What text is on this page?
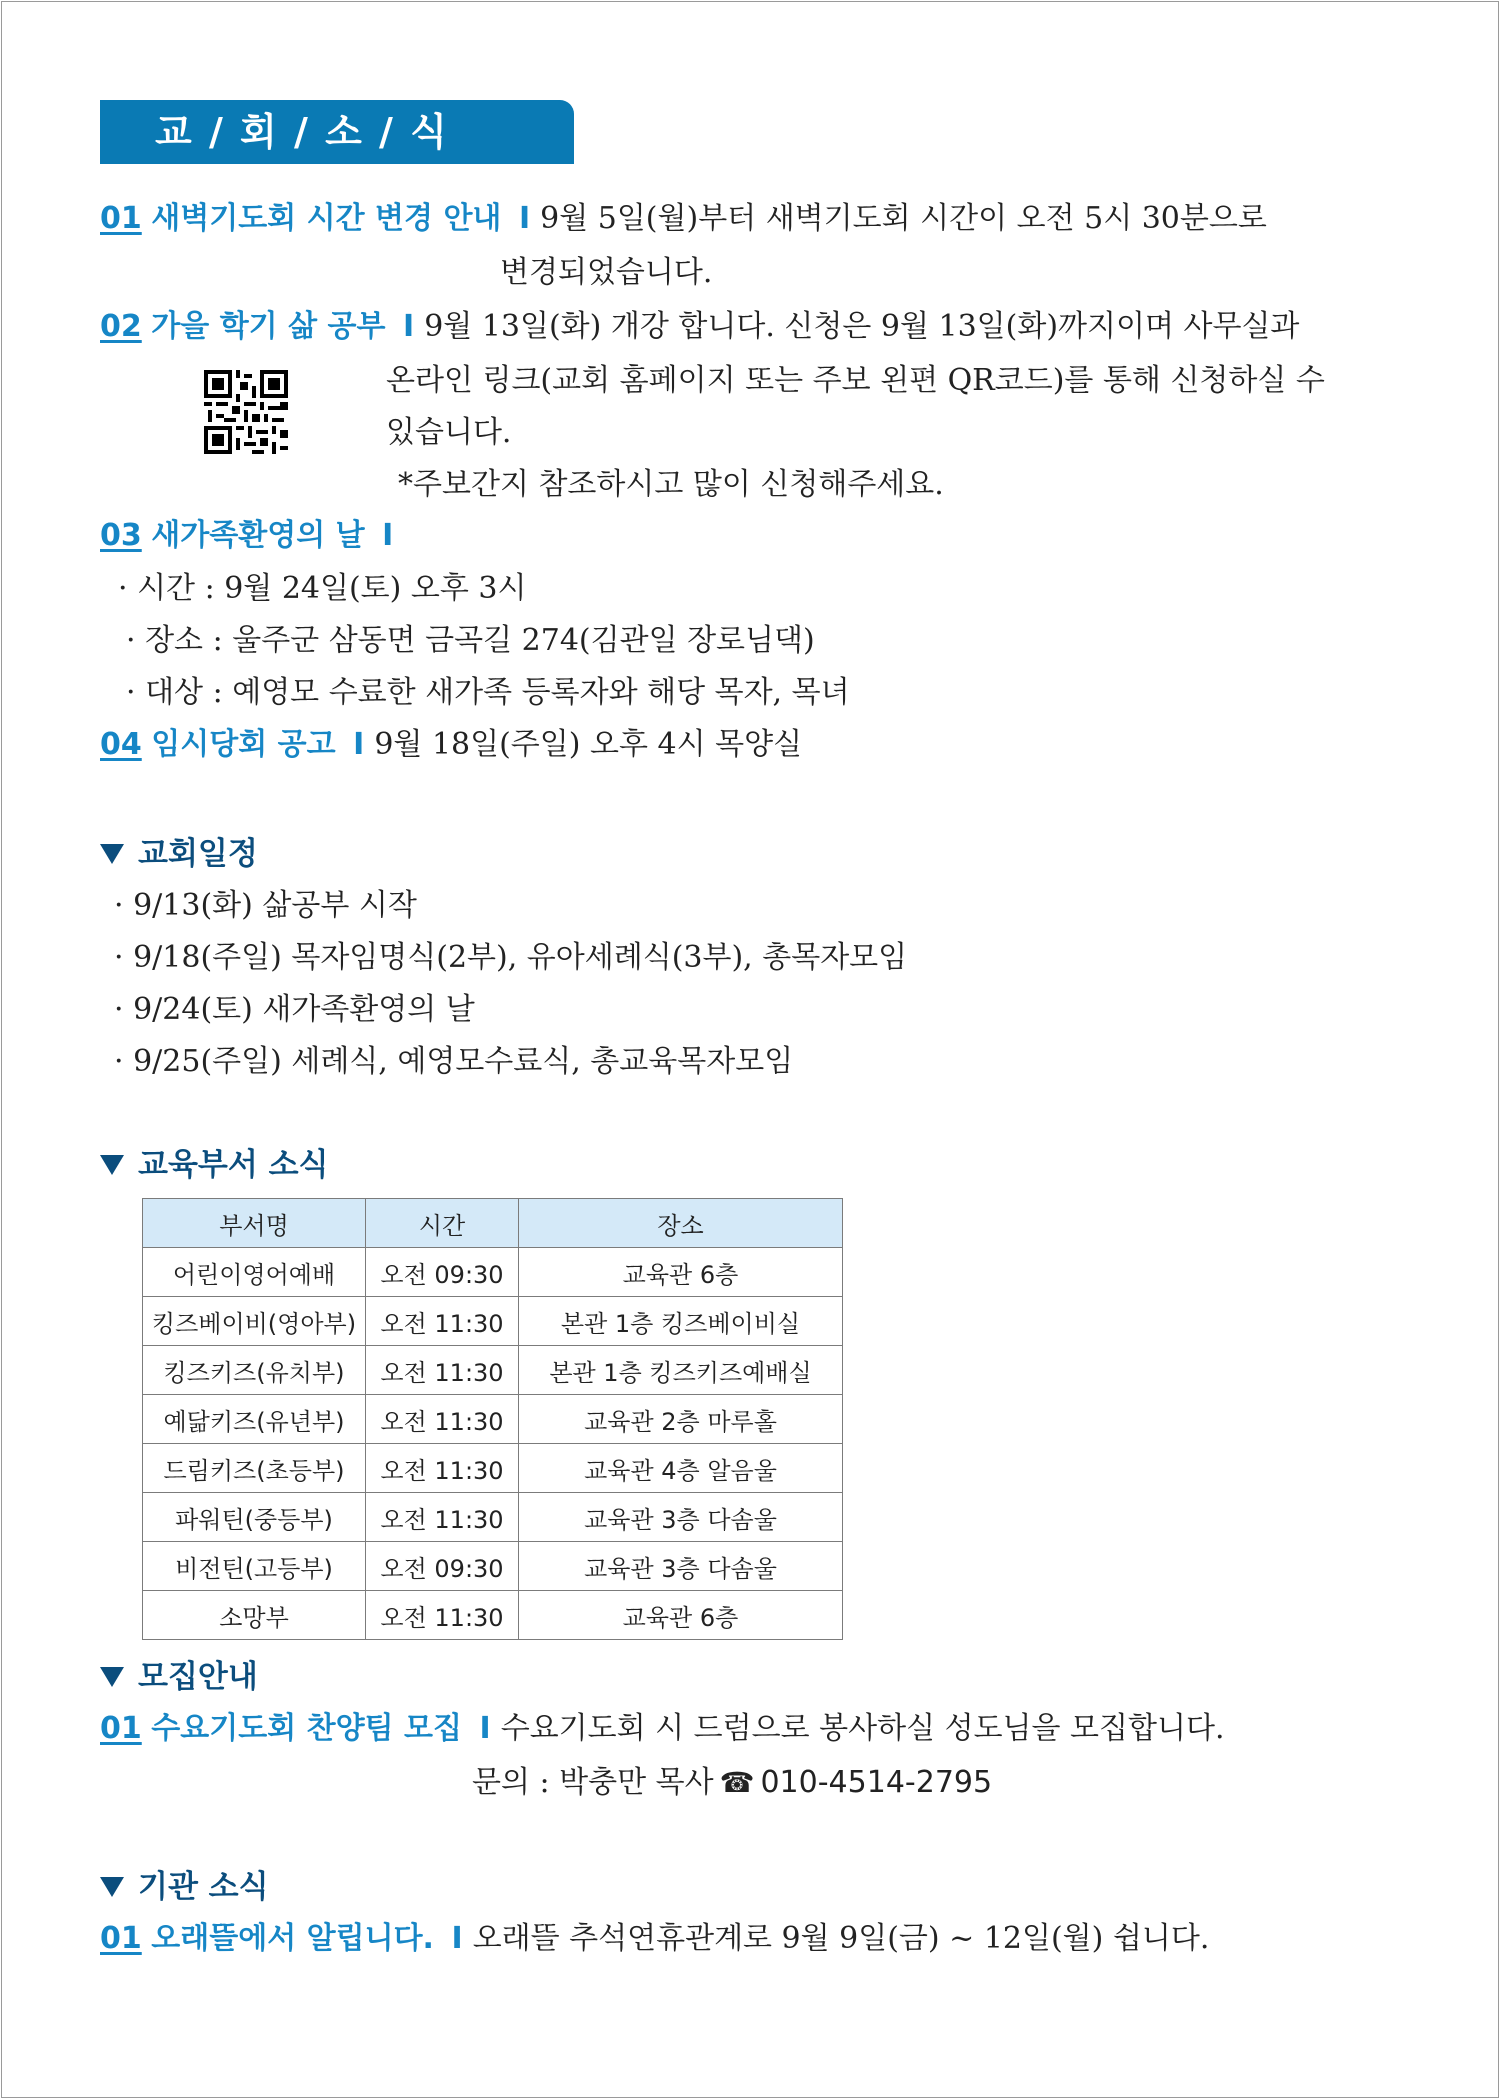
교 / 회 / 소 / 식
01 새벽기도회 시간 변경 안내 I 9월 5일(월)부터 새벽기도회 시간이 오전 5시 30분으로
변경되었습니다.
02 가을 학기 삶 공부 I 9월 13일(화) 개강 합니다. 신청은 9월 13일(화)까지이며 사무실과
온라인 링크(교회 홈페이지 또는 주보 왼편 QR코드)를 통해 신청하실 수
있습니다.
*주보간지 참조하시고 많이 신청해주세요.
03 새가족환영의 날 I
· 시간 : 9월 24일(토) 오후 3시
· 장소 : 울주군 삼동면 금곡길 274(김관일 장로님댁)
· 대상 : 예영모 수료한 새가족 등록자와 해당 목자, 목녀
04 임시당회 공고 I 9월 18일(주일) 오후 4시 목양실
교회일정
· 9/13(화) 삶공부 시작
· 9/18(주일) 목자임명식(2부), 유아세례식(3부), 총목자모임
· 9/24(토) 새가족환영의 날
· 9/25(주일) 세례식, 예영모수료식, 총교육목자모임
교육부서 소식
부서명	시간	장소
어린이영어예배	오전 09:30	교육관 6층
킹즈베이비(영아부)	오전 11:30	본관 1층 킹즈베이비실
킹즈키즈(유치부)	오전 11:30	본관 1층 킹즈키즈예배실
예닮키즈(유년부)	오전 11:30	교육관 2층 마루홀
드림키즈(초등부)	오전 11:30	교육관 4층 알음울
파워틴(중등부)	오전 11:30	교육관 3층 다솜울
비전틴(고등부)	오전 09:30	교육관 3층 다솜울
소망부	오전 11:30	교육관 6층
모집안내
01 수요기도회 찬양팀 모집 I 수요기도회 시 드럼으로 봉사하실 성도님을 모집합니다.
문의 : 박충만 목사 ☎ 010-4514-2795
기관 소식
01 오래뜰에서 알립니다. I 오래뜰 추석연휴관계로 9월 9일(금) ~ 12일(월) 쉽니다.
